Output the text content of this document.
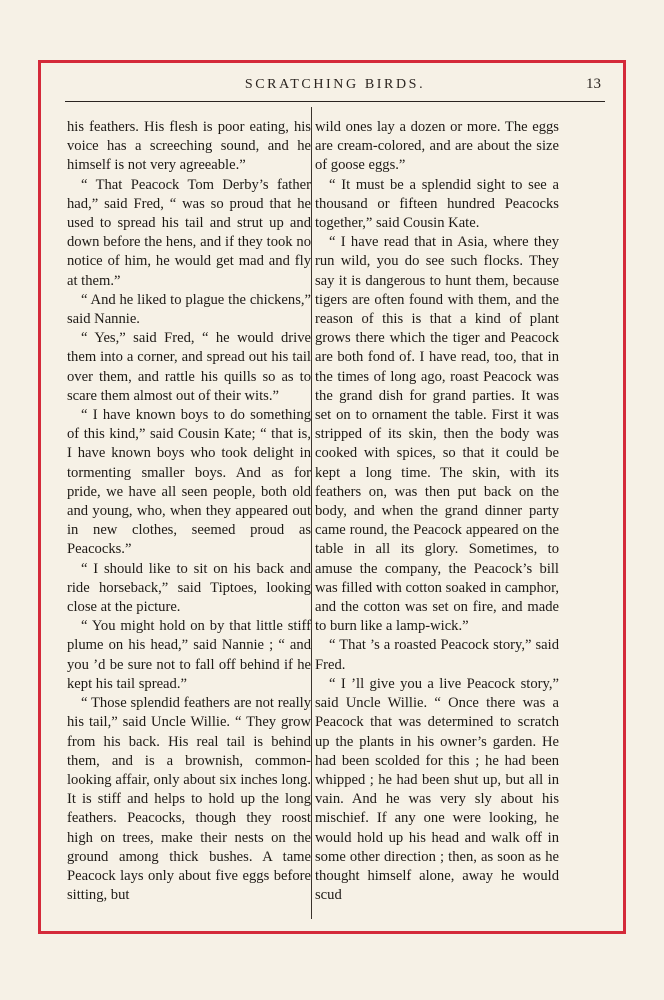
SCRATCHING BIRDS.	13

his feathers. His flesh is poor eating, his voice has a screeching sound, and he himself is not very agreeable.”

“ That Peacock Tom Derby’s father had,” said Fred, “ was so proud that he used to spread his tail and strut up and down before the hens, and if they took no notice of him, he would get mad and fly at them.”

“ And he liked to plague the chickens,” said Nannie.

“ Yes,” said Fred, “ he would drive them into a corner, and spread out his tail over them, and rattle his quills so as to scare them almost out of their wits.”

“ I have known boys to do something of this kind,” said Cousin Kate; “ that is, I have known boys who took delight in tormenting smaller boys. And as for pride, we have all seen people, both old and young, who, when they appeared out in new clothes, seemed proud as Peacocks.”

“ I should like to sit on his back and ride horseback,” said Tiptoes, looking close at the picture.

“ You might hold on by that little stiff plume on his head,” said Nannie ; “ and you ’d be sure not to fall off behind if he kept his tail spread.”

“ Those splendid feathers are not really his tail,” said Uncle Willie. “ They grow from his back. His real tail is behind them, and is a brownish, common-looking affair, only about six inches long. It is stiff and helps to hold up the long feathers. Peacocks, though they roost high on trees, make their nests on the ground among thick bushes. A tame Peacock lays only about five eggs before sitting, but

wild ones lay a dozen or more. The eggs are cream-colored, and are about the size of goose eggs.”

“ It must be a splendid sight to see a thousand or fifteen hundred Peacocks together,” said Cousin Kate.

“ I have read that in Asia, where they run wild, you do see such flocks. They say it is dangerous to hunt them, because tigers are often found with them, and the reason of this is that a kind of plant grows there which the tiger and Peacock are both fond of. I have read, too, that in the times of long ago, roast Peacock was the grand dish for grand parties. It was set on to ornament the table. First it was stripped of its skin, then the body was cooked with spices, so that it could be kept a long time. The skin, with its feathers on, was then put back on the body, and when the grand dinner party came round, the Peacock appeared on the table in all its glory. Sometimes, to amuse the company, the Peacock’s bill was filled with cotton soaked in camphor, and the cotton was set on fire, and made to burn like a lamp-wick.”

“ That ’s a roasted Peacock story,” said Fred.

“ I ’ll give you a live Peacock story,” said Uncle Willie. “ Once there was a Peacock that was determined to scratch up the plants in his owner’s garden. He had been scolded for this ; he had been whipped ; he had been shut up, but all in vain. And he was very sly about his mischief. If any one were looking, he would hold up his head and walk off in some other direction ; then, as soon as he thought himself alone, away he would scud
